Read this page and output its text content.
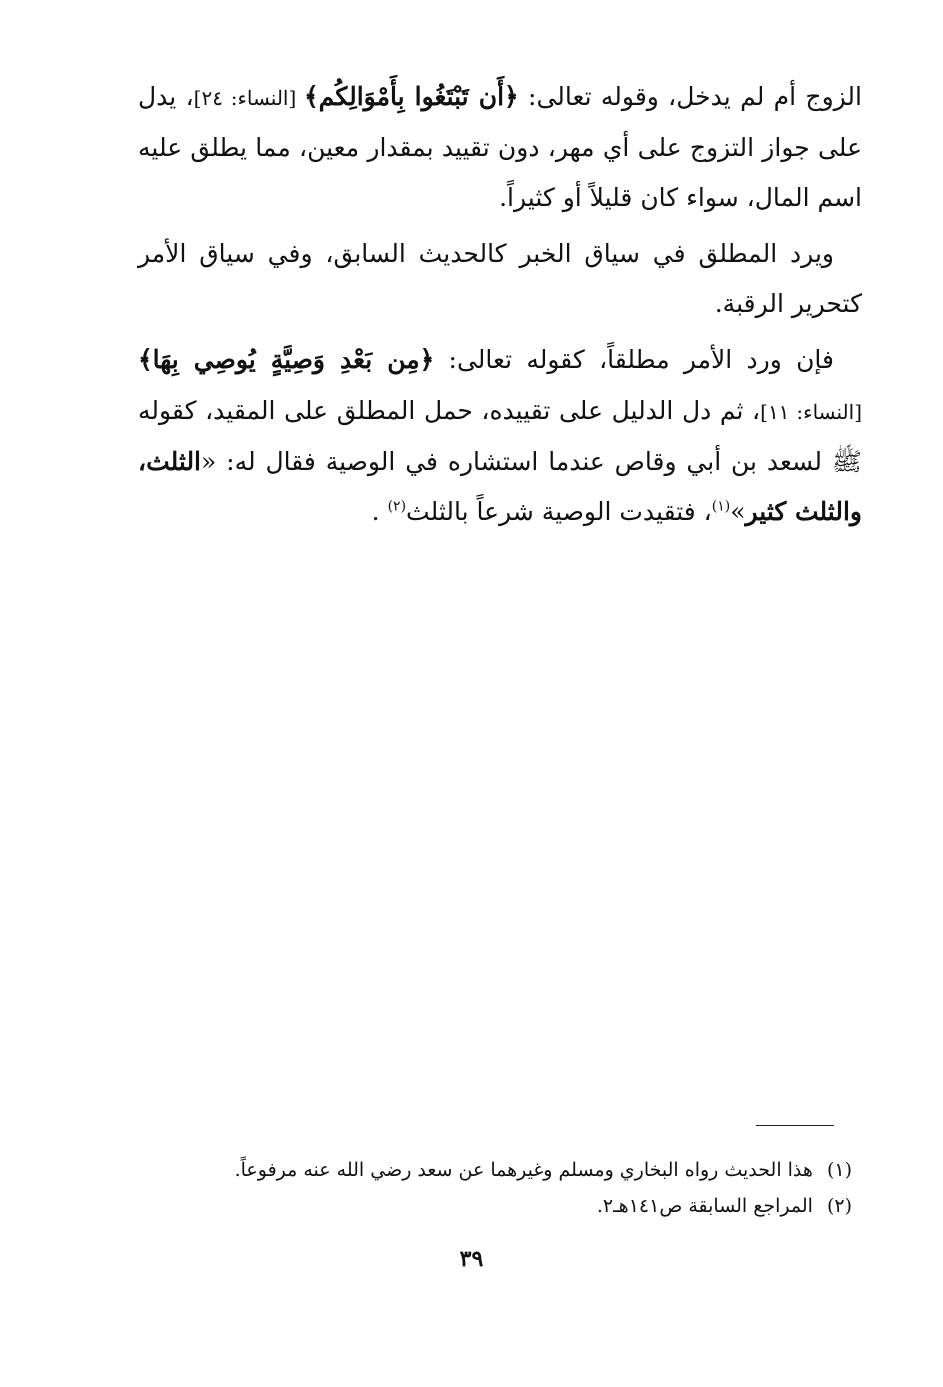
الزوج أم لم يدخل، وقوله تعالى: ﴿أَن تَبْتَغُوا بِأَمْوَالِكُم﴾ [النساء: ٢٤]، يدل على جواز التزوج على أي مهر، دون تقييد بمقدار معين، مما يطلق عليه اسم المال، سواء كان قليلاً أو كثيراً.

ويرد المطلق في سياق الخبر كالحديث السابق، وفي سياق الأمر كتحرير الرقبة.

فإن ورد الأمر مطلقاً، كقوله تعالى: ﴿مِن بَعْدِ وَصِيَّةٍ يُوصِي بِهَا﴾ [النساء: ١١]، ثم دل الدليل على تقييده، حمل المطلق على المقيد، كقوله ﷺ لسعد بن أبي وقاص عندما استشاره في الوصية فقال له: «الثلث، والثلث كثير»$^{(١)}$، فتقيدت الوصية شرعاً بالثلث$^{(٢)}$ .

(١)هذا الحديث رواه البخاري ومسلم وغيرهما عن سعد رضي الله عنه مرفوعاً.
(٢)المراجع السابقة ص١٤١هـ٢.
٣٩
